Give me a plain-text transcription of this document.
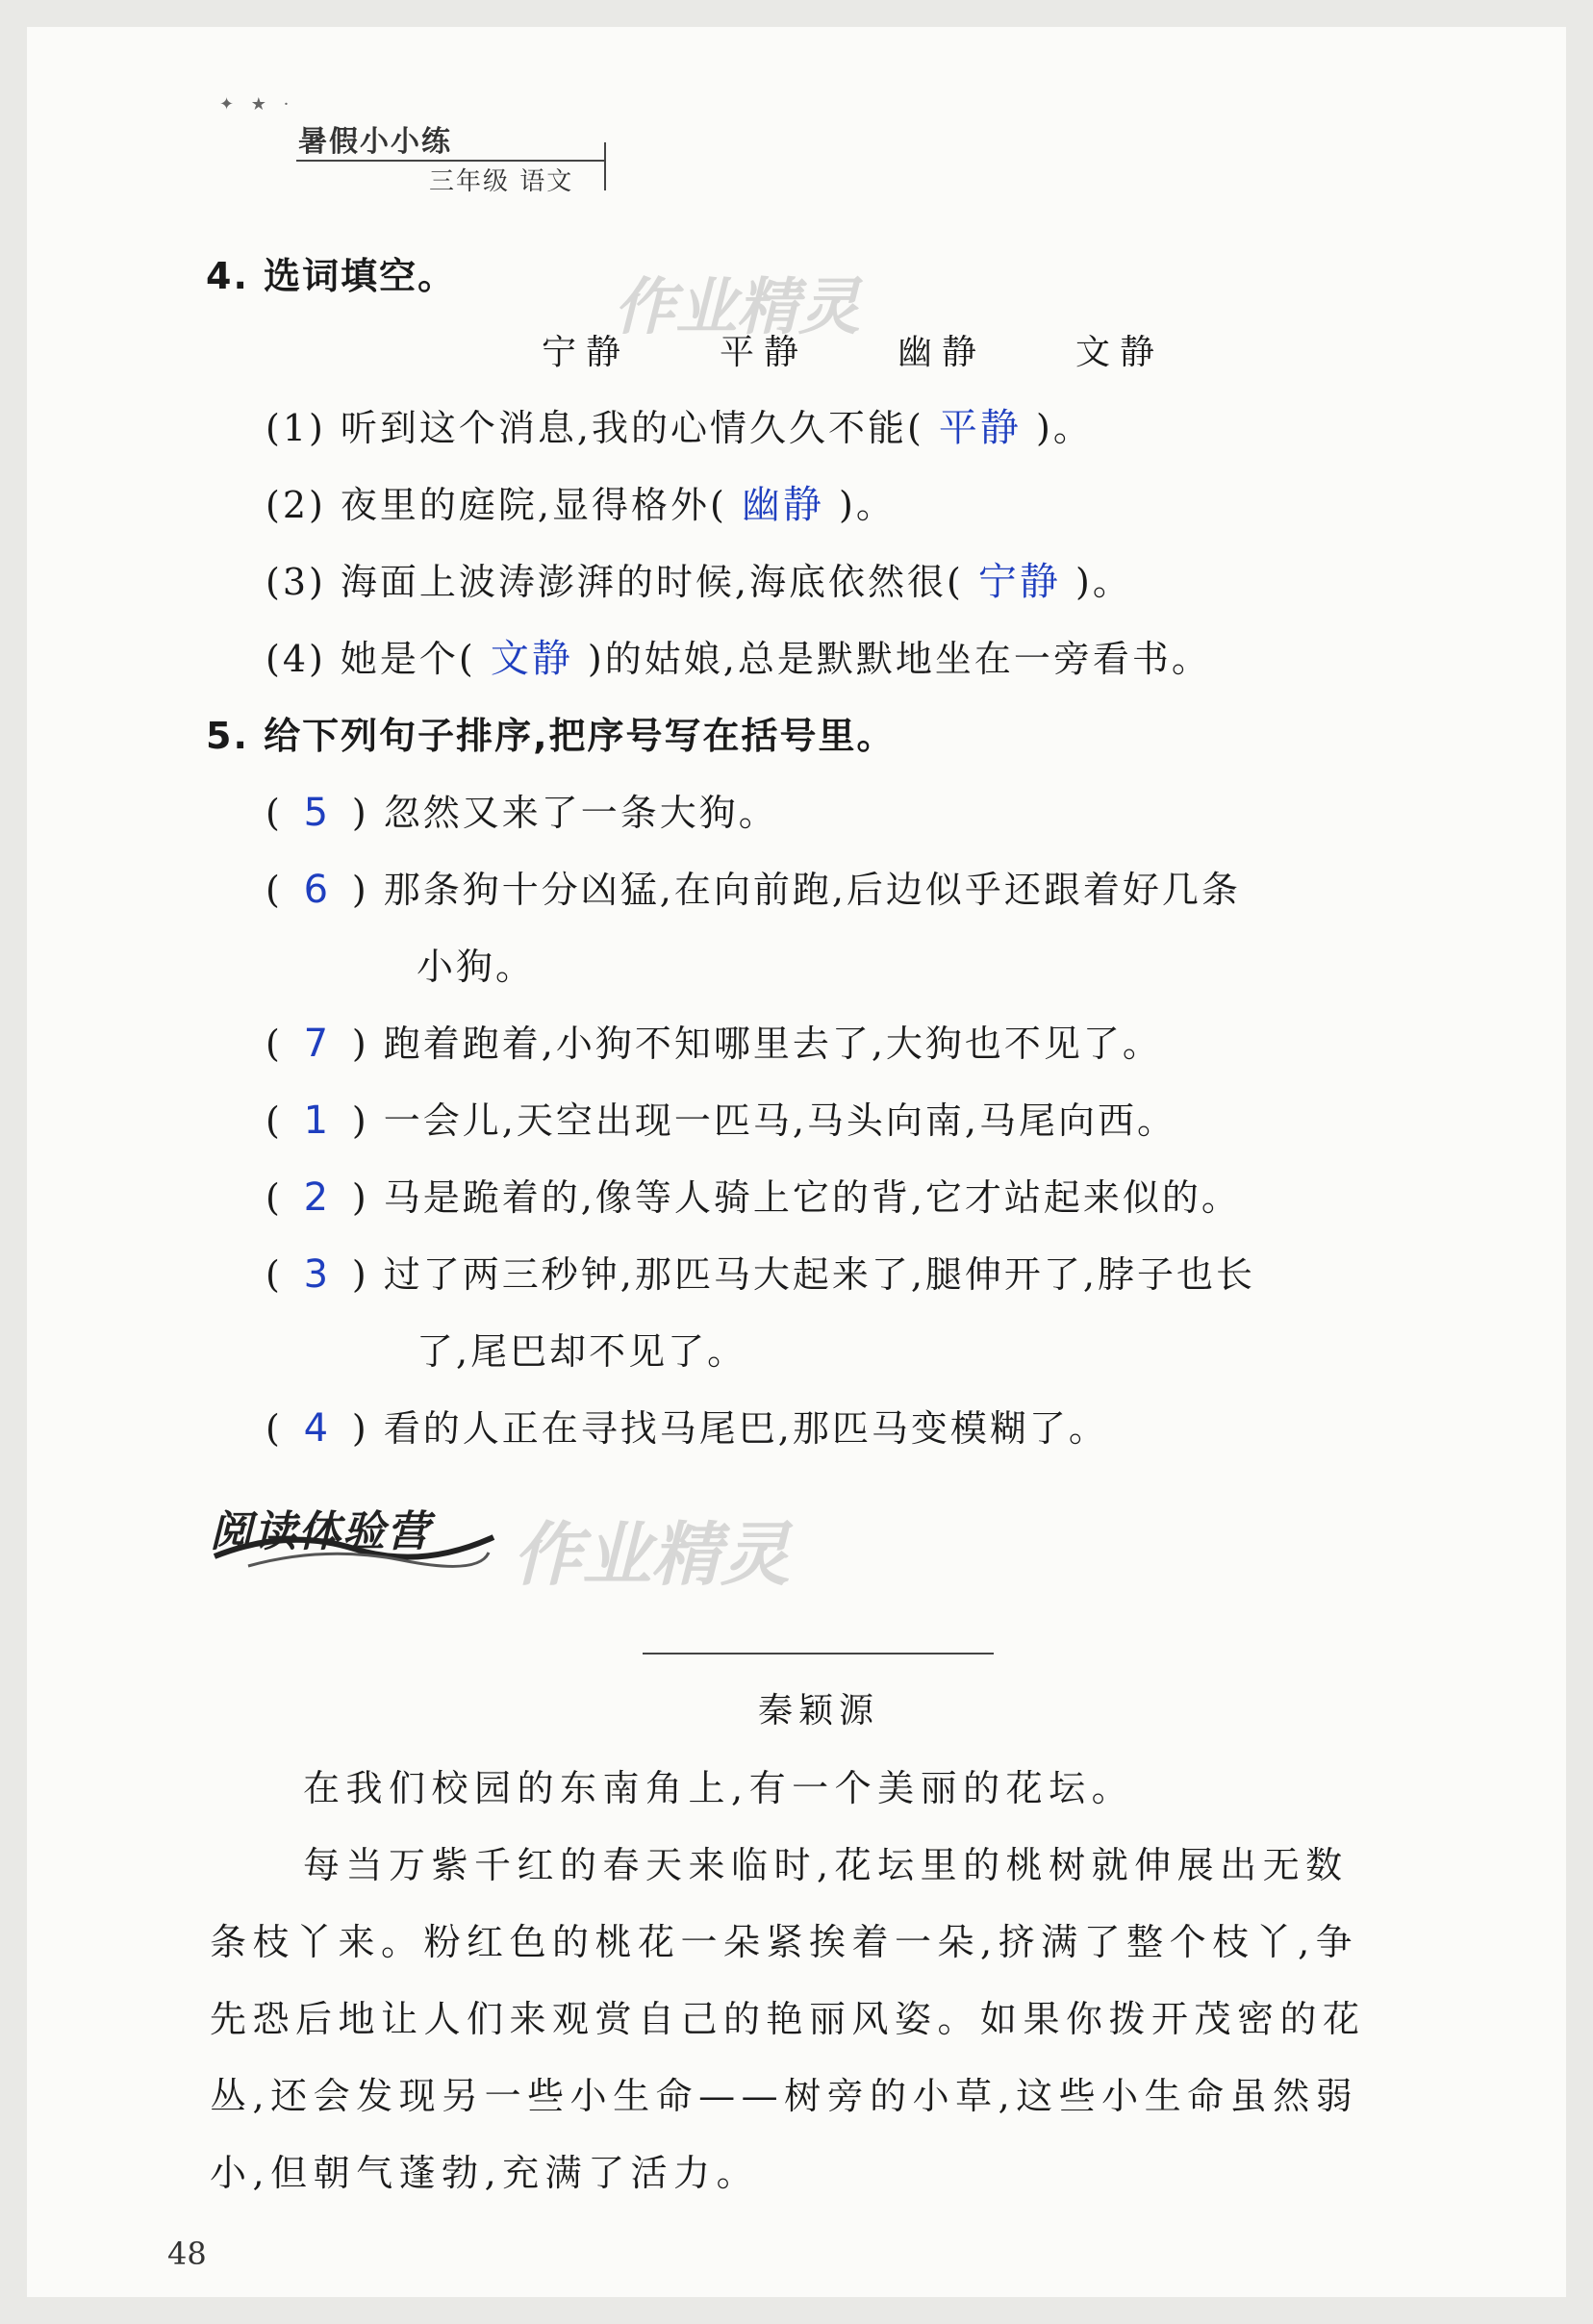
✦ ★ ·
暑假小小练
三年级 语文
4. 选词填空。	作业精灵
宁静	平静	幽静	文静
(1) 听到这个消息,我的心情久久不能( 平静 )。
(2) 夜里的庭院,显得格外( 幽静 )。
(3) 海面上波涛澎湃的时候,海底依然很( 宁静 )。
(4) 她是个( 文静 )的姑娘,总是默默地坐在一旁看书。
5. 给下列句子排序,把序号写在括号里。
( 5 ) 忽然又来了一条大狗。
( 6 ) 那条狗十分凶猛,在向前跑,后边似乎还跟着好几条
小狗。
( 7 ) 跑着跑着,小狗不知哪里去了,大狗也不见了。
( 1 ) 一会儿,天空出现一匹马,马头向南,马尾向西。
( 2 ) 马是跪着的,像等人骑上它的背,它才站起来似的。
( 3 ) 过了两三秒钟,那匹马大起来了,腿伸开了,脖子也长
了,尾巴却不见了。
( 4 ) 看的人正在寻找马尾巴,那匹马变模糊了。
阅读体验营 作业精灵
秦颖源
在我们校园的东南角上,有一个美丽的花坛。
每当万紫千红的春天来临时,花坛里的桃树就伸展出无数
条枝丫来。粉红色的桃花一朵紧挨着一朵,挤满了整个枝丫,争
先恐后地让人们来观赏自己的艳丽风姿。如果你拨开茂密的花
丛,还会发现另一些小生命——树旁的小草,这些小生命虽然弱
小,但朝气蓬勃,充满了活力。
48
